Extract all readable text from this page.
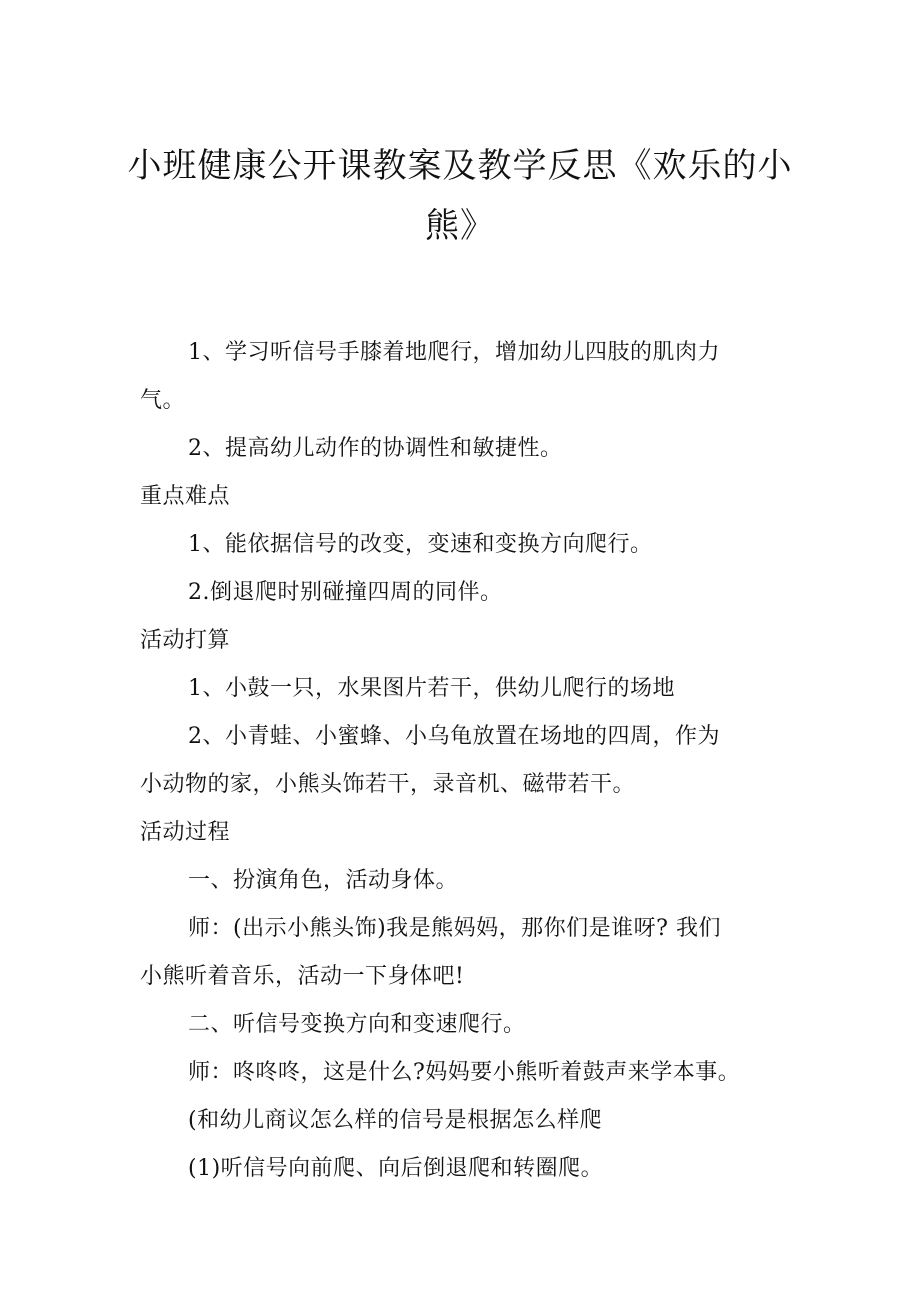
小班健康公开课教案及教学反思《欢乐的小
熊》
1、学习听信号手膝着地爬行，增加幼儿四肢的肌肉力
气。
2、提高幼儿动作的协调性和敏捷性。
重点难点
1、能依据信号的改变，变速和变换方向爬行。
2.倒退爬时别碰撞四周的同伴。
活动打算
1、小鼓一只，水果图片若干，供幼儿爬行的场地
2、小青蛙、小蜜蜂、小乌龟放置在场地的四周，作为
小动物的家，小熊头饰若干，录音机、磁带若干。
活动过程
一、扮演角色，活动身体。
师：(出示小熊头饰)我是熊妈妈，那你们是谁呀? 我们
小熊听着音乐，活动一下身体吧!
二、听信号变换方向和变速爬行。
师：咚咚咚，这是什么?妈妈要小熊听着鼓声来学本事。
(和幼儿商议怎么样的信号是根据怎么样爬
(1)听信号向前爬、向后倒退爬和转圈爬。
